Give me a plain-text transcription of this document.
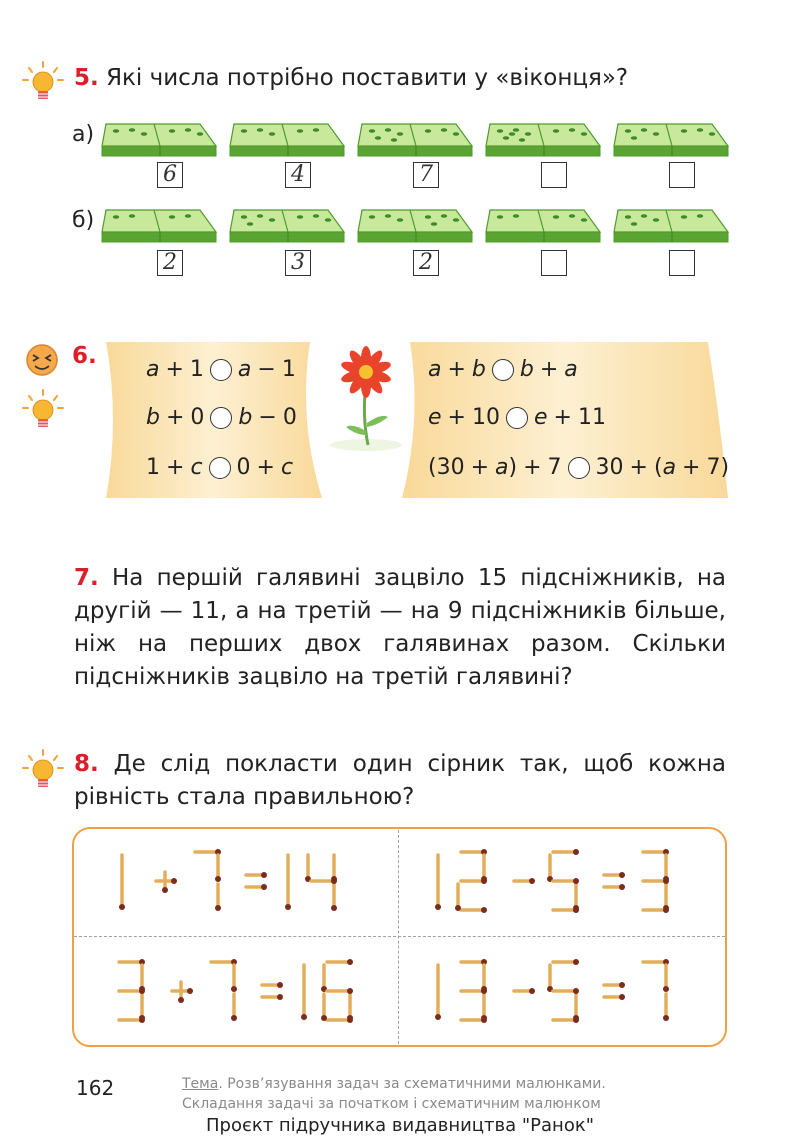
5. Які числа потрібно поставити у «віконця»?
а)
б)
6	4	7
2	3	2
6.
a + 1 a − 1
b + 0 b − 0
1 + c 0 + c
a + b b + a
e + 10 e + 11
(30 + a) + 7 30 + (a + 7)
7. На першій галявині зацвіло 15 підсніжників, на другій — 11, а на третій — на 9 підсніжників більше, ніж на перших двох галявинах разом. Скільки підсніжників зацвіло на третій галявині?
8. Де слід покласти один сірник так, щоб кожна рівність стала правильною?
162	Тема. Розв’язування задач за схематичними малюнками.
Складання задачі за початком і схематичним малюнком
Проєкт підручника видавництва "Ранок"
